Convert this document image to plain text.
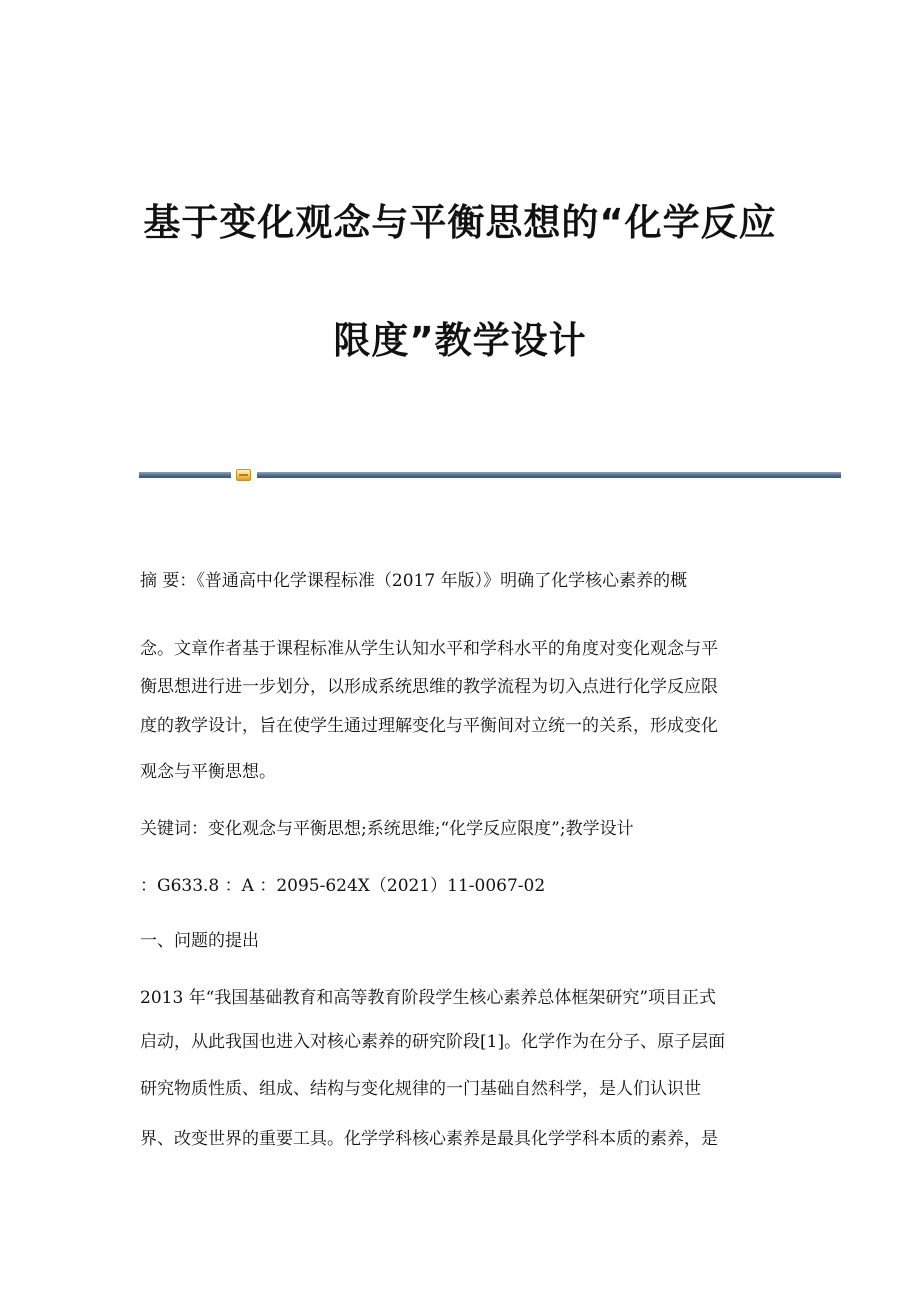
基于变化观念与平衡思想的“化学反应
限度”教学设计
摘 要：《普通高中化学课程标准（2017 年版）》明确了化学核心素养的概
念。文章作者基于课程标准从学生认知水平和学科水平的角度对变化观念与平
衡思想进行进一步划分，以形成系统思维的教学流程为切入点进行化学反应限
度的教学设计，旨在使学生通过理解变化与平衡间对立统一的关系，形成变化
观念与平衡思想。
关键词：变化观念与平衡思想;系统思维;“化学反应限度”;教学设计
：G633.8 ：A ：2095-624X（2021）11-0067-02
一、问题的提出
2013 年“我国基础教育和高等教育阶段学生核心素养总体框架研究”项目正式
启动，从此我国也进入对核心素养的研究阶段[1]。化学作为在分子、原子层面
研究物质性质、组成、结构与变化规律的一门基础自然科学，是人们认识世
界、改变世界的重要工具。化学学科核心素养是最具化学学科本质的素养，是
